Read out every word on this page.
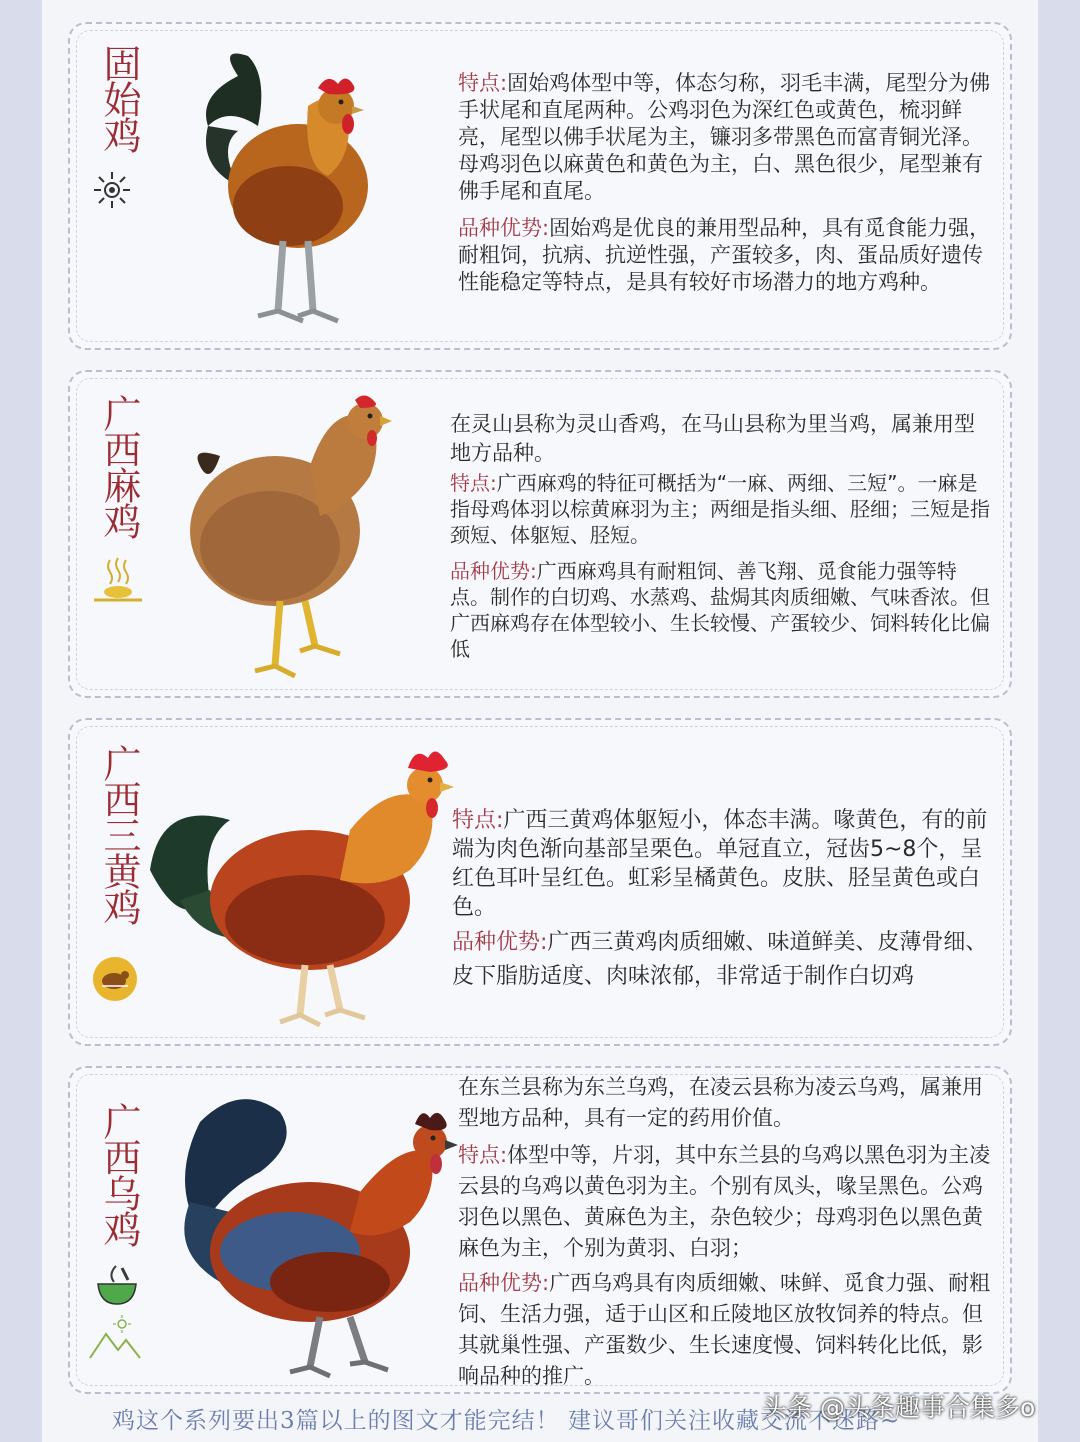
固始鸡	特点:固始鸡体型中等，体态匀称，羽毛丰满，尾型分为佛手状尾和直尾两种。公鸡羽色为深红色或黄色，梳羽鲜亮，尾型以佛手状尾为主，镰羽多带黑色而富青铜光泽。母鸡羽色以麻黄色和黄色为主，白、黑色很少，尾型兼有佛手尾和直尾。

品种优势:固始鸡是优良的兼用型品种，具有觅食能力强，耐粗饲，抗病、抗逆性强，产蛋较多，肉、蛋品质好遗传性能稳定等特点，是具有较好市场潜力的地方鸡种。

广西麻鸡	在灵山县称为灵山香鸡，在马山县称为里当鸡，属兼用型地方品种。

特点:广西麻鸡的特征可概括为“一麻、两细、三短”。一麻是指母鸡体羽以棕黄麻羽为主；两细是指头细、胫细；三短是指颈短、体躯短、胫短。

品种优势:广西麻鸡具有耐粗饲、善飞翔、觅食能力强等特点。制作的白切鸡、水蒸鸡、盐焗其肉质细嫩、气味香浓。但广西麻鸡存在体型较小、生长较慢、产蛋较少、饲料转化比偏低

广西三黄鸡	特点:广西三黄鸡体躯短小，体态丰满。喙黄色，有的前端为肉色渐向基部呈栗色。单冠直立，冠齿5~8个，呈红色耳叶呈红色。虹彩呈橘黄色。皮肤、胫呈黄色或白色。

品种优势:广西三黄鸡肉质细嫩、味道鲜美、皮薄骨细、皮下脂肪适度、肉味浓郁，非常适于制作白切鸡

广西乌鸡

在东兰县称为东兰乌鸡，在凌云县称为凌云乌鸡，属兼用型地方品种，具有一定的药用价值。

特点:体型中等，片羽，其中东兰县的乌鸡以黑色羽为主凌云县的乌鸡以黄色羽为主。个别有凤头，喙呈黑色。公鸡羽色以黑色、黄麻色为主，杂色较少；母鸡羽色以黑色黄麻色为主，个别为黄羽、白羽；

品种优势:广西乌鸡具有肉质细嫩、味鲜、觅食力强、耐粗饲、生活力强，适于山区和丘陵地区放牧饲养的特点。但其就巢性强、产蛋数少、生长速度慢、饲料转化比低，影响品种的推广。

鸡这个系列要出3篇以上的图文才能完结！ 建议哥们关注收藏交流不迷路~
头条 @头条趣事合集多o
